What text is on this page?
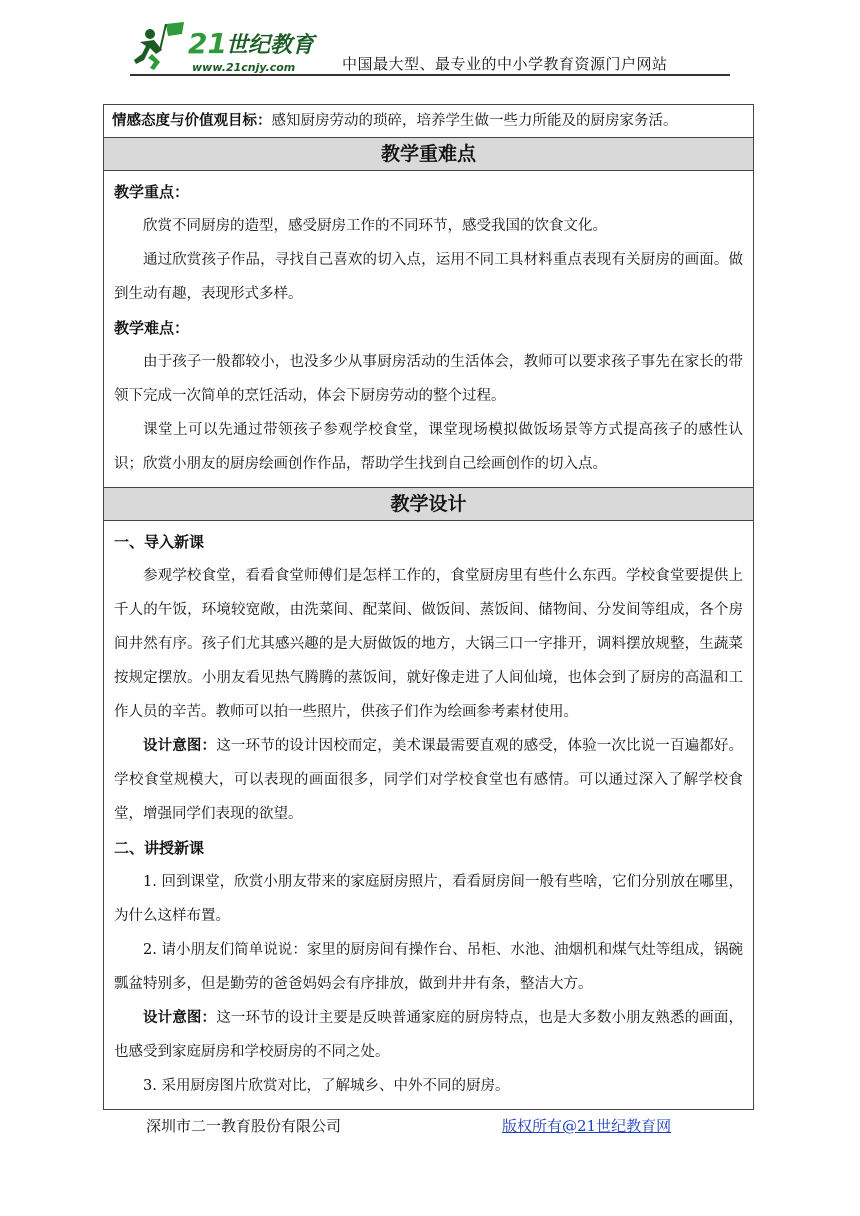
21 世纪教育
www.21cnjy.com	中国最大型、最专业的中小学教育资源门户网站
情感态度与价值观目标：感知厨房劳动的琐碎，培养学生做一些力所能及的厨房家务活。

教学重难点

教学重点：

欣赏不同厨房的造型，感受厨房工作的不同环节，感受我国的饮食文化。

通过欣赏孩子作品，寻找自己喜欢的切入点，运用不同工具材料重点表现有关厨房的画面。做到生动有趣，表现形式多样。

教学难点：

由于孩子一般都较小，也没多少从事厨房活动的生活体会，教师可以要求孩子事先在家长的带领下完成一次简单的烹饪活动，体会下厨房劳动的整个过程。

课堂上可以先通过带领孩子参观学校食堂，课堂现场模拟做饭场景等方式提高孩子的感性认识；欣赏小朋友的厨房绘画创作作品，帮助学生找到自己绘画创作的切入点。

教学设计

一、导入新课

参观学校食堂，看看食堂师傅们是怎样工作的，食堂厨房里有些什么东西。学校食堂要提供上千人的午饭，环境较宽敞，由洗菜间、配菜间、做饭间、蒸饭间、储物间、分发间等组成，各个房间井然有序。孩子们尤其感兴趣的是大厨做饭的地方，大锅三口一字排开，调料摆放规整，生蔬菜按规定摆放。小朋友看见热气腾腾的蒸饭间，就好像走进了人间仙境，也体会到了厨房的高温和工作人员的辛苦。教师可以拍一些照片，供孩子们作为绘画参考素材使用。

设计意图：这一环节的设计因校而定，美术课最需要直观的感受，体验一次比说一百遍都好。学校食堂规模大，可以表现的画面很多，同学们对学校食堂也有感情。可以通过深入了解学校食堂，增强同学们表现的欲望。

二、讲授新课

1. 回到课堂，欣赏小朋友带来的家庭厨房照片，看看厨房间一般有些啥，它们分别放在哪里，为什么这样布置。

2. 请小朋友们简单说说：家里的厨房间有操作台、吊柜、水池、油烟机和煤气灶等组成，锅碗瓢盆特别多，但是勤劳的爸爸妈妈会有序排放，做到井井有条，整洁大方。

设计意图：这一环节的设计主要是反映普通家庭的厨房特点，也是大多数小朋友熟悉的画面，也感受到家庭厨房和学校厨房的不同之处。

3. 采用厨房图片欣赏对比，了解城乡、中外不同的厨房。

深圳市二一教育股份有限公司	版权所有@21世纪教育网
